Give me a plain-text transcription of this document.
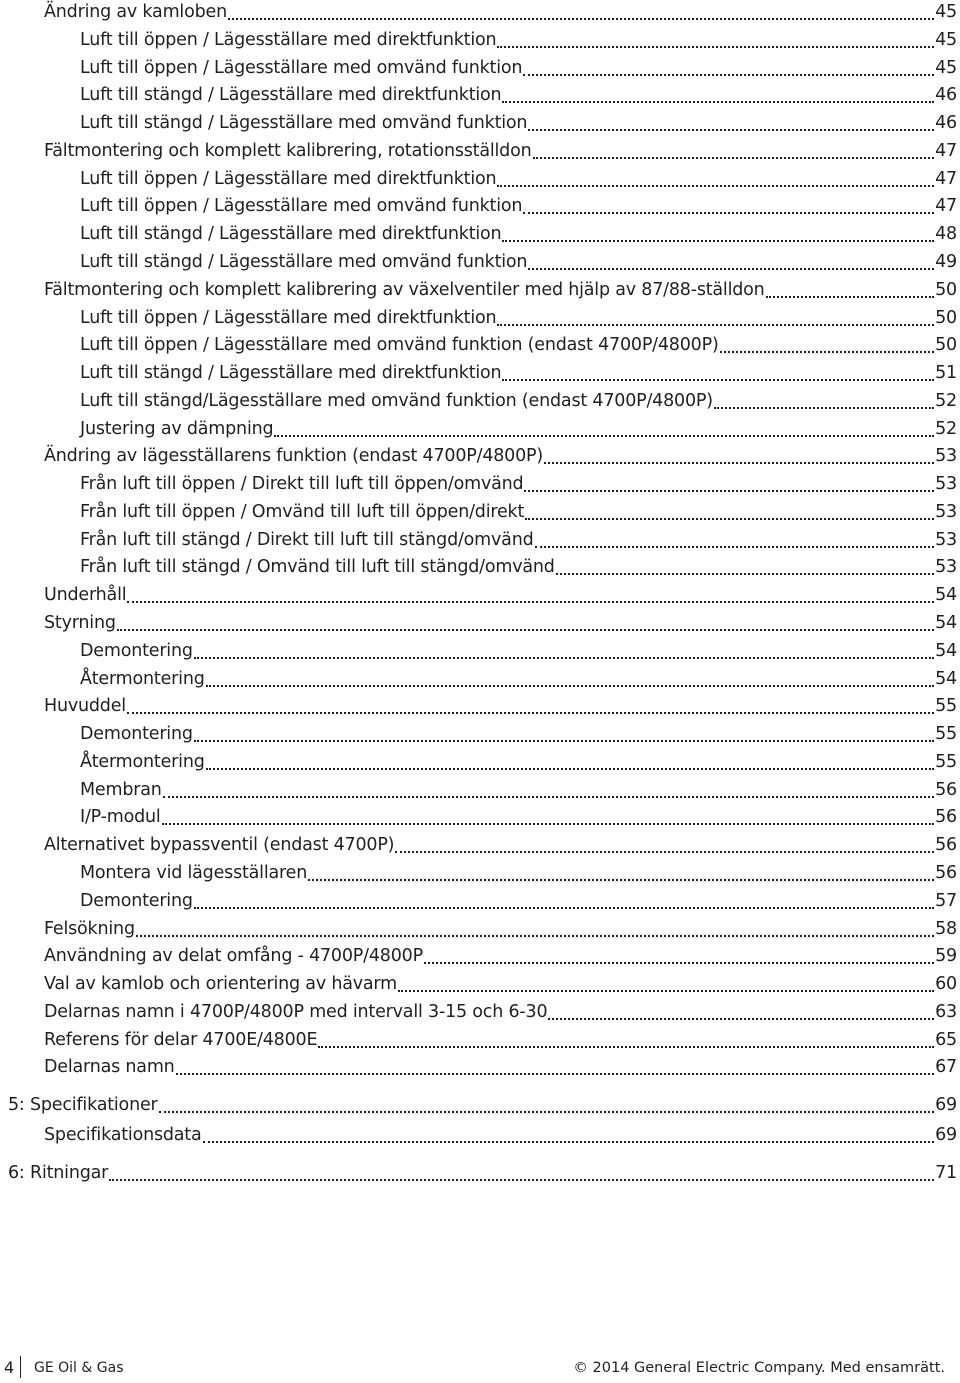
Ändring av kamloben	45
Luft till öppen / Lägesställare med direktfunktion	45
Luft till öppen / Lägesställare med omvänd funktion	45
Luft till stängd / Lägesställare med direktfunktion	46
Luft till stängd / Lägesställare med omvänd funktion	46
Fältmontering och komplett kalibrering, rotationsställdon	47
Luft till öppen / Lägesställare med direktfunktion	47
Luft till öppen / Lägesställare med omvänd funktion	47
Luft till stängd / Lägesställare med direktfunktion	48
Luft till stängd / Lägesställare med omvänd funktion	49
Fältmontering och komplett kalibrering av växelventiler med hjälp av 87/88-ställdon	50
Luft till öppen / Lägesställare med direktfunktion	50
Luft till öppen / Lägesställare med omvänd funktion (endast 4700P/4800P)	50
Luft till stängd / Lägesställare med direktfunktion	51
Luft till stängd/Lägesställare med omvänd funktion (endast 4700P/4800P)	52
Justering av dämpning	52
Ändring av lägesställarens funktion (endast 4700P/4800P)	53
Från luft till öppen / Direkt till luft till öppen/omvänd	53
Från luft till öppen / Omvänd till luft till öppen/direkt	53
Från luft till stängd / Direkt till luft till stängd/omvänd	53
Från luft till stängd / Omvänd till luft till stängd/omvänd	53
Underhåll	54
Styrning	54
Demontering	54
Återmontering	54
Huvuddel	55
Demontering	55
Återmontering	55
Membran	56
I/P-modul	56
Alternativet bypassventil (endast 4700P)	56
Montera vid lägesställaren	56
Demontering	57
Felsökning	58
Användning av delat omfång - 4700P/4800P	59
Val av kamlob och orientering av hävarm	60
Delarnas namn i 4700P/4800P med intervall 3-15 och 6-30	63
Referens för delar 4700E/4800E	65
Delarnas namn	67
5: Specifikationer	69
Specifikationsdata	69
6: Ritningar	71
4 GE Oil & Gas	© 2014 General Electric Company. Med ensamrätt.
